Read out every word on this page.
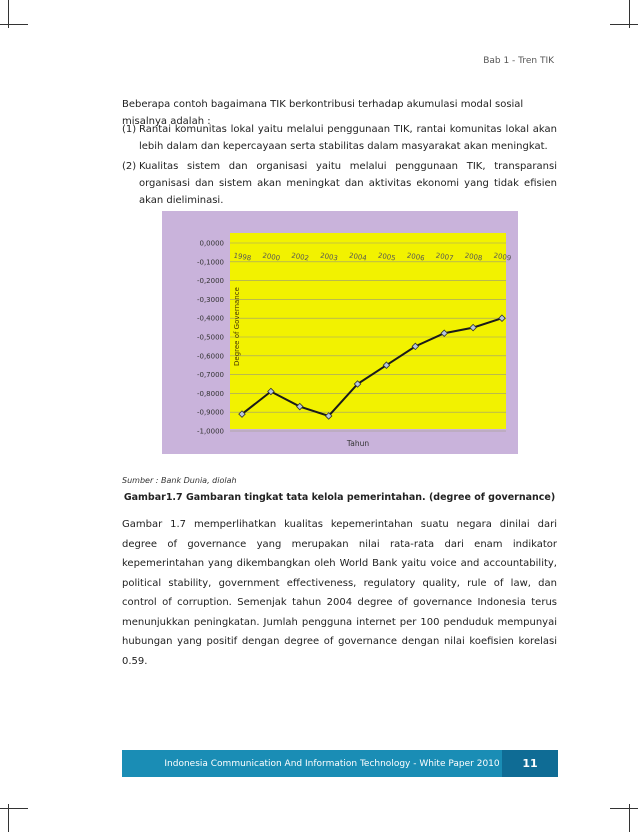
Bab 1 - Tren TIK
Beberapa contoh bagaimana TIK berkontribusi terhadap akumulasi modal sosial misalnya adalah :
(1) Rantai komunitas lokal yaitu melalui penggunaan TIK, rantai komunitas lokal akan lebih dalam dan kepercayaan serta stabilitas dalam masyarakat akan meningkat.
(2) Kualitas sistem dan organisasi yaitu melalui penggunaan TIK, transparansi organisasi dan sistem akan meningkat dan aktivitas ekonomi yang tidak efisien akan dieliminasi.
0,0000
-0,1000
-0,2000
-0,3000
-0,4000
-0,5000
-0,6000
-0,7000
-0,8000
-0,9000
-1,0000
1998 2000 2002 2003 2004 2005 2006 2007 2008 2009
Degree of Governance
Tahun
Sumber : Bank Dunia, diolah
Gambar1.7 Gambaran tingkat tata kelola pemerintahan. (degree of governance)
Gambar 1.7 memperlihatkan kualitas kepemerintahan suatu negara dinilai dari degree of governance yang merupakan nilai rata-rata dari enam indikator kepemerintahan yang dikembangkan oleh World Bank yaitu voice and accountability, political stability, government effectiveness, regulatory quality, rule of law, dan control of corruption. Semenjak tahun 2004 degree of governance Indonesia terus menunjukkan peningkatan. Jumlah pengguna internet per 100 penduduk mempunyai hubungan yang positif dengan degree of governance dengan nilai koefisien korelasi 0.59.
Indonesia Communication And Information Technology - White Paper 2010	11
